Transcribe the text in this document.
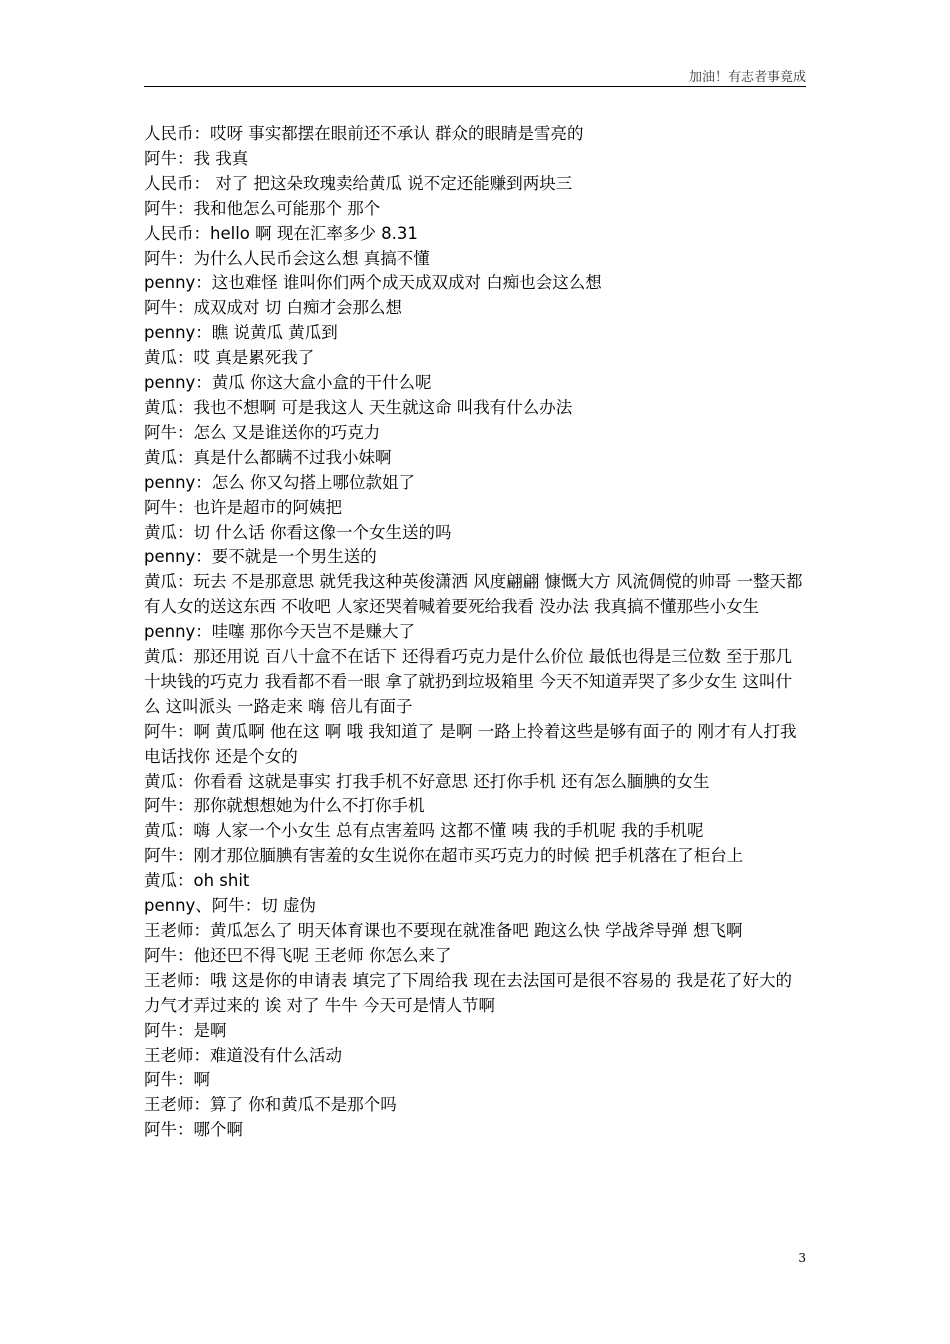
加油！有志者事竟成
人民币：哎呀 事实都摆在眼前还不承认 群众的眼睛是雪亮的
阿牛：我 我真
人民币： 对了 把这朵玫瑰卖给黄瓜 说不定还能赚到两块三
阿牛：我和他怎么可能那个 那个
人民币：hello 啊 现在汇率多少 8.31
阿牛：为什么人民币会这么想 真搞不懂
penny：这也难怪 谁叫你们两个成天成双成对 白痴也会这么想
阿牛：成双成对 切 白痴才会那么想
penny：瞧 说黄瓜 黄瓜到
黄瓜：哎 真是累死我了
penny：黄瓜 你这大盒小盒的干什么呢
黄瓜：我也不想啊 可是我这人 天生就这命 叫我有什么办法
阿牛：怎么 又是谁送你的巧克力
黄瓜：真是什么都瞒不过我小妹啊
penny：怎么 你又勾搭上哪位款姐了
阿牛：也许是超市的阿姨把
黄瓜：切 什么话 你看这像一个女生送的吗
penny：要不就是一个男生送的
黄瓜：玩去 不是那意思 就凭我这种英俊潇洒 风度翩翩 慷慨大方 风流倜傥的帅哥 一整天都有人女的送这东西 不收吧 人家还哭着喊着要死给我看 没办法 我真搞不懂那些小女生
penny：哇噻 那你今天岂不是赚大了
黄瓜：那还用说 百八十盒不在话下 还得看巧克力是什么价位 最低也得是三位数 至于那几十块钱的巧克力 我看都不看一眼 拿了就扔到垃圾箱里 今天不知道弄哭了多少女生 这叫什么 这叫派头 一路走来 嗨 倍儿有面子
阿牛：啊 黄瓜啊 他在这 啊 哦 我知道了 是啊 一路上拎着这些是够有面子的 刚才有人打我电话找你 还是个女的
黄瓜：你看看 这就是事实 打我手机不好意思 还打你手机 还有怎么腼腆的女生
阿牛：那你就想想她为什么不打你手机
黄瓜：嗨 人家一个小女生 总有点害羞吗 这都不懂 咦 我的手机呢 我的手机呢
阿牛：刚才那位腼腆有害羞的女生说你在超市买巧克力的时候 把手机落在了柜台上
黄瓜：oh shit
penny、阿牛：切 虚伪
王老师：黄瓜怎么了 明天体育课也不要现在就准备吧 跑这么快 学战斧导弹 想飞啊
阿牛：他还巴不得飞呢 王老师 你怎么来了
王老师：哦 这是你的申请表 填完了下周给我 现在去法国可是很不容易的 我是花了好大的力气才弄过来的 诶 对了 牛牛 今天可是情人节啊
阿牛：是啊
王老师：难道没有什么活动
阿牛：啊
王老师：算了 你和黄瓜不是那个吗
阿牛：哪个啊
3
